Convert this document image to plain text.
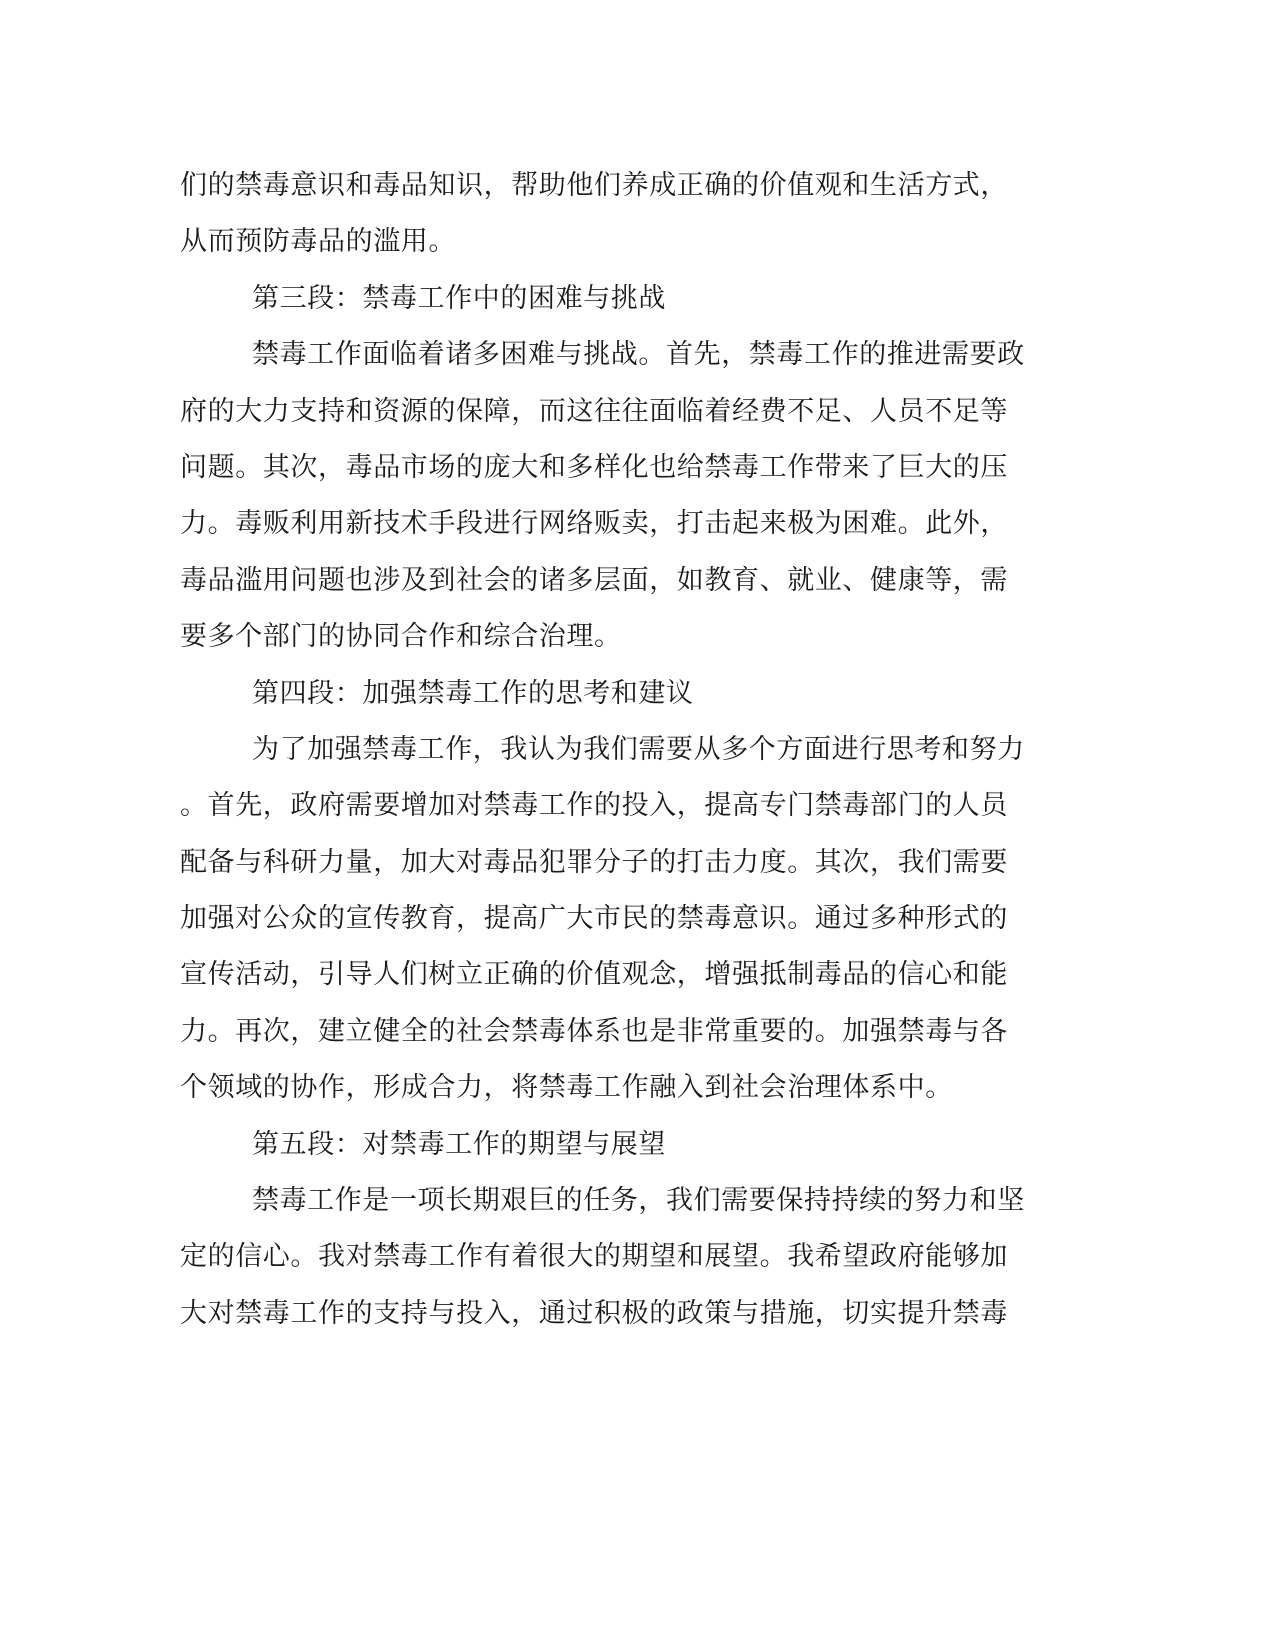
们的禁毒意识和毒品知识，帮助他们养成正确的价值观和生活方式，
从而预防毒品的滥用。
第三段：禁毒工作中的困难与挑战
禁毒工作面临着诸多困难与挑战。首先，禁毒工作的推进需要政
府的大力支持和资源的保障，而这往往面临着经费不足、人员不足等
问题。其次，毒品市场的庞大和多样化也给禁毒工作带来了巨大的压
力。毒贩利用新技术手段进行网络贩卖，打击起来极为困难。此外，
毒品滥用问题也涉及到社会的诸多层面，如教育、就业、健康等，需
要多个部门的协同合作和综合治理。
第四段：加强禁毒工作的思考和建议
为了加强禁毒工作，我认为我们需要从多个方面进行思考和努力
。首先，政府需要增加对禁毒工作的投入，提高专门禁毒部门的人员
配备与科研力量，加大对毒品犯罪分子的打击力度。其次，我们需要
加强对公众的宣传教育，提高广大市民的禁毒意识。通过多种形式的
宣传活动，引导人们树立正确的价值观念，增强抵制毒品的信心和能
力。再次，建立健全的社会禁毒体系也是非常重要的。加强禁毒与各
个领域的协作，形成合力，将禁毒工作融入到社会治理体系中。
第五段：对禁毒工作的期望与展望
禁毒工作是一项长期艰巨的任务，我们需要保持持续的努力和坚
定的信心。我对禁毒工作有着很大的期望和展望。我希望政府能够加
大对禁毒工作的支持与投入，通过积极的政策与措施，切实提升禁毒
